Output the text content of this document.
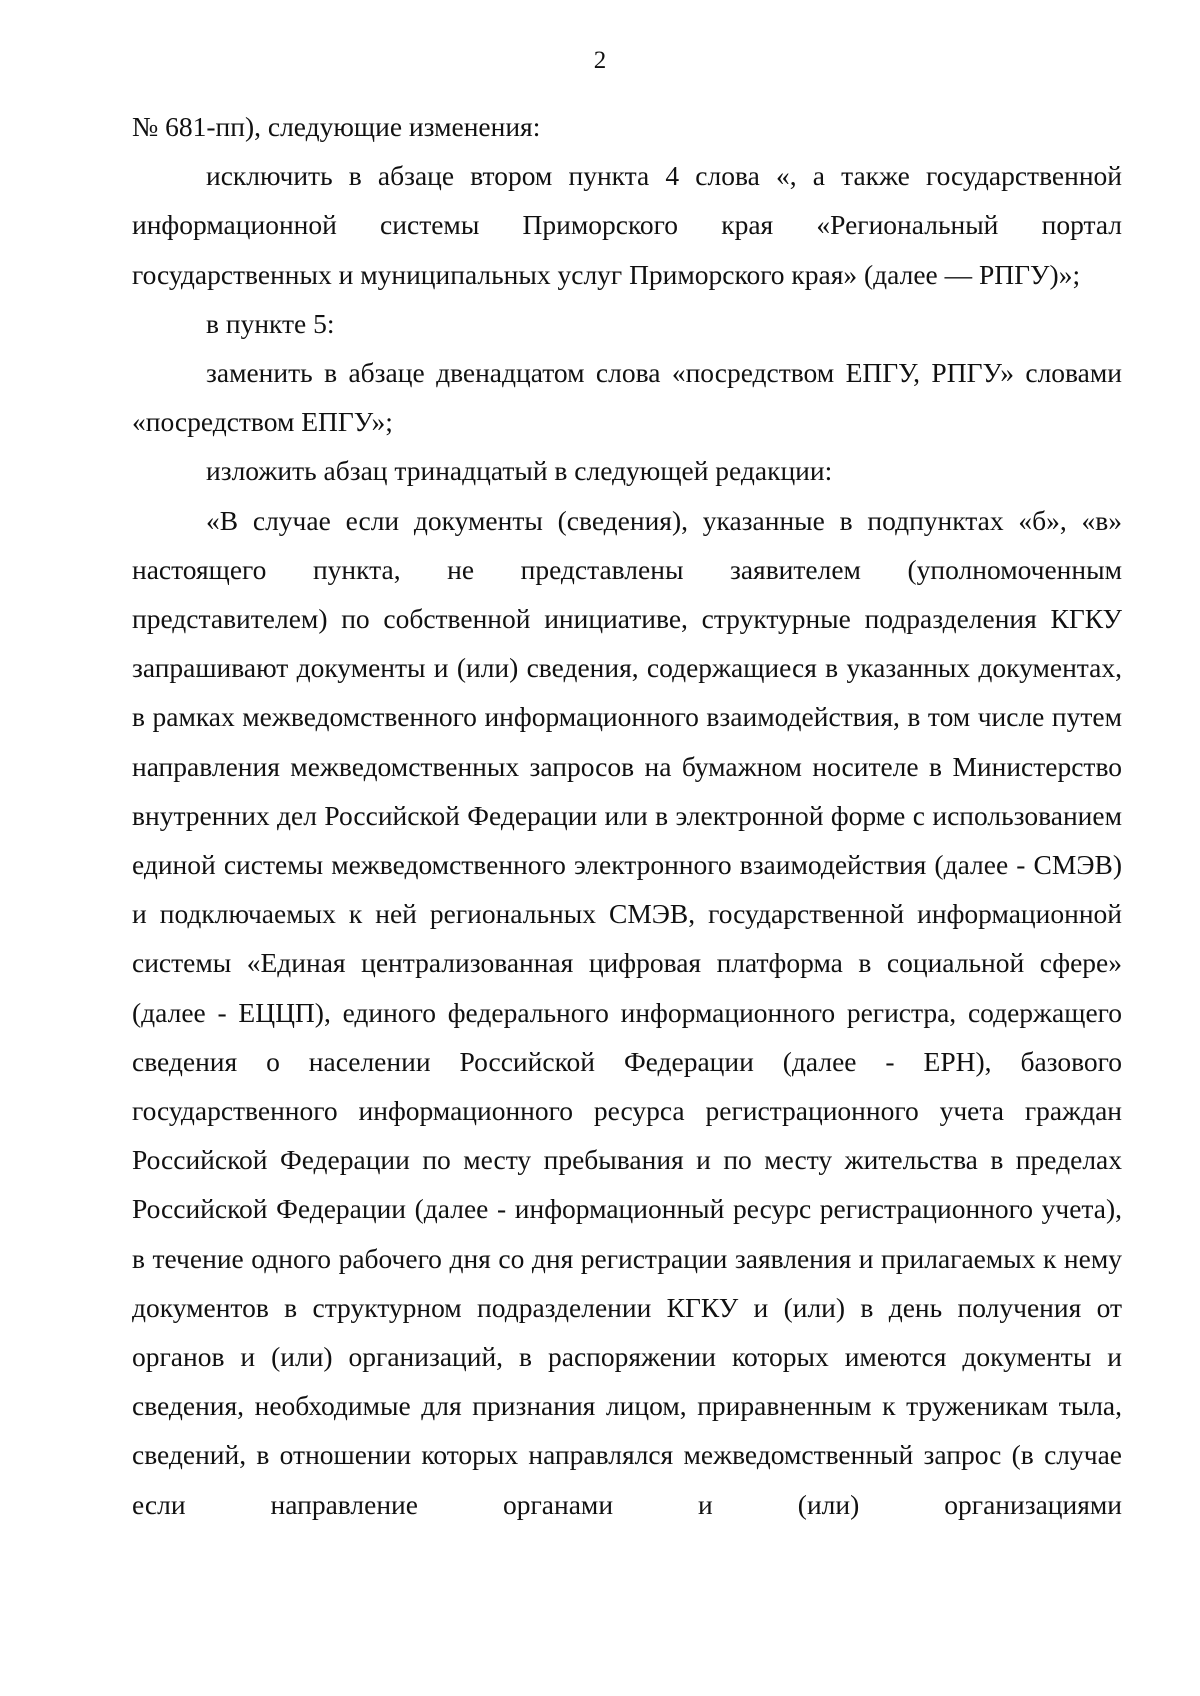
2

№ 681-пп), следующие изменения:

исключить в абзаце втором пункта 4 слова «, а также государственной информационной системы Приморского края «Региональный портал государственных и муниципальных услуг Приморского края» (далее — РПГУ)»;

в пункте 5:

заменить в абзаце двенадцатом слова «посредством ЕПГУ, РПГУ» словами «посредством ЕПГУ»;

изложить абзац тринадцатый в следующей редакции:

«В случае если документы (сведения), указанные в подпунктах «б», «в» настоящего пункта, не представлены заявителем (уполномоченным представителем) по собственной инициативе, структурные подразделения КГКУ запрашивают документы и (или) сведения, содержащиеся в указанных документах, в рамках межведомственного информационного взаимодействия, в том числе путем направления межведомственных запросов на бумажном носителе в Министерство внутренних дел Российской Федерации или в электронной форме с использованием единой системы межведомственного электронного взаимодействия (далее - СМЭВ) и подключаемых к ней региональных СМЭВ, государственной информационной системы «Единая централизованная цифровая платформа в социальной сфере» (далее - ЕЦЦП), единого федерального информационного регистра, содержащего сведения о населении Российской Федерации (далее - ЕРН), базового государственного информационного ресурса регистрационного учета граждан Российской Федерации по месту пребывания и по месту жительства в пределах Российской Федерации (далее - информационный ресурс регистрационного учета), в течение одного рабочего дня со дня регистрации заявления и прилагаемых к нему документов в структурном подразделении КГКУ и (или) в день получения от органов и (или) организаций, в распоряжении которых имеются документы и сведения, необходимые для признания лицом, приравненным к труженикам тыла, сведений, в отношении которых направлялся межведомственный запрос (в случае если направление органами и (или) организациями
